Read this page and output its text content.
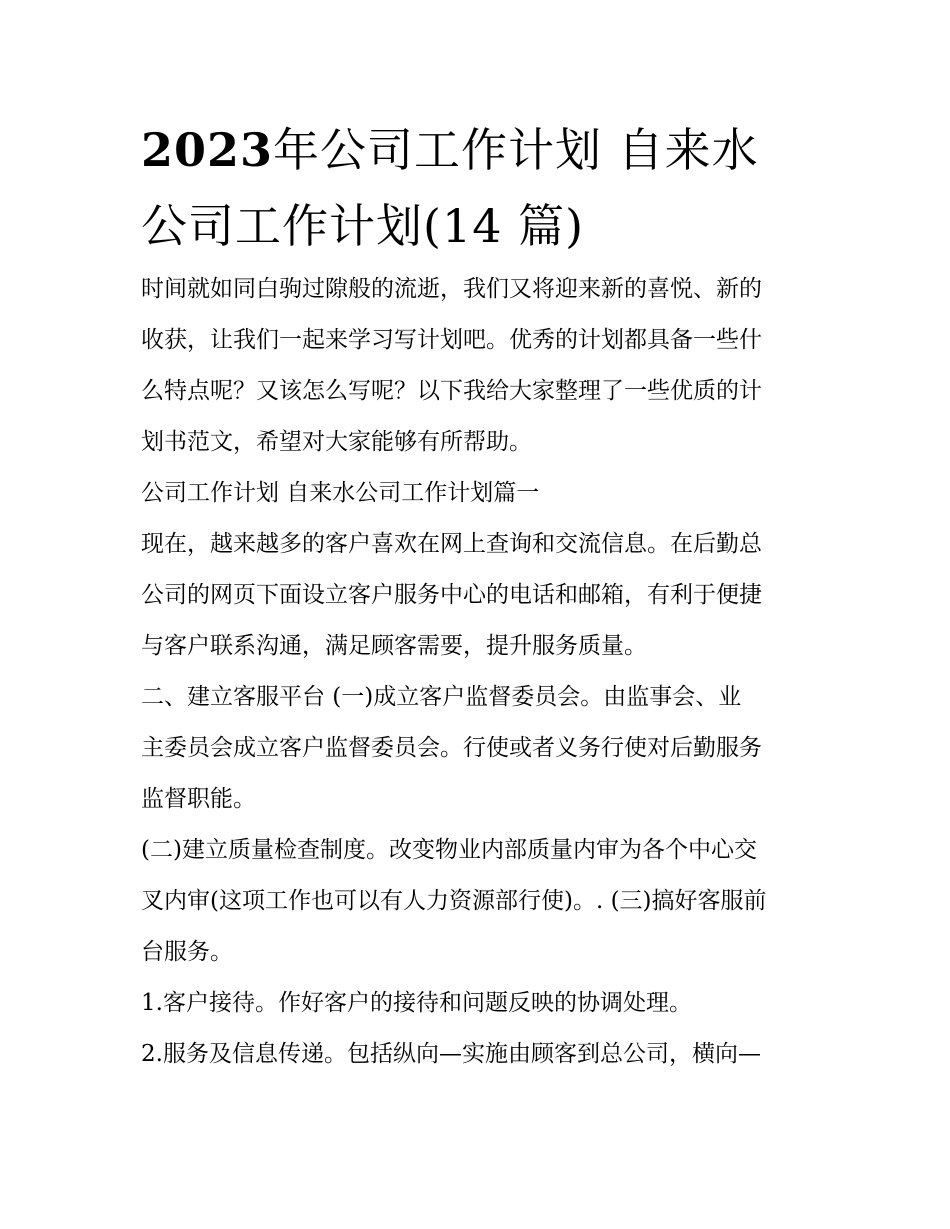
2023年公司工作计划 自来水
公司工作计划(14 篇)

时间就如同白驹过隙般的流逝，我们又将迎来新的喜悦、新的
收获，让我们一起来学习写计划吧。优秀的计划都具备一些什
么特点呢？又该怎么写呢？以下我给大家整理了一些优质的计
划书范文，希望对大家能够有所帮助。

公司工作计划 自来水公司工作计划篇一

现在，越来越多的客户喜欢在网上查询和交流信息。在后勤总
公司的网页下面设立客户服务中心的电话和邮箱，有利于便捷
与客户联系沟通，满足顾客需要，提升服务质量。

二、建立客服平台 (一)成立客户监督委员会。由监事会、业
主委员会成立客户监督委员会。行使或者义务行使对后勤服务
监督职能。

(二)建立质量检查制度。改变物业内部质量内审为各个中心交
叉内审(这项工作也可以有人力资源部行使)。. (三)搞好客服前
台服务。

1.客户接待。作好客户的接待和问题反映的协调处理。

2.服务及信息传递。包括纵向—实施由顾客到总公司，横向—
